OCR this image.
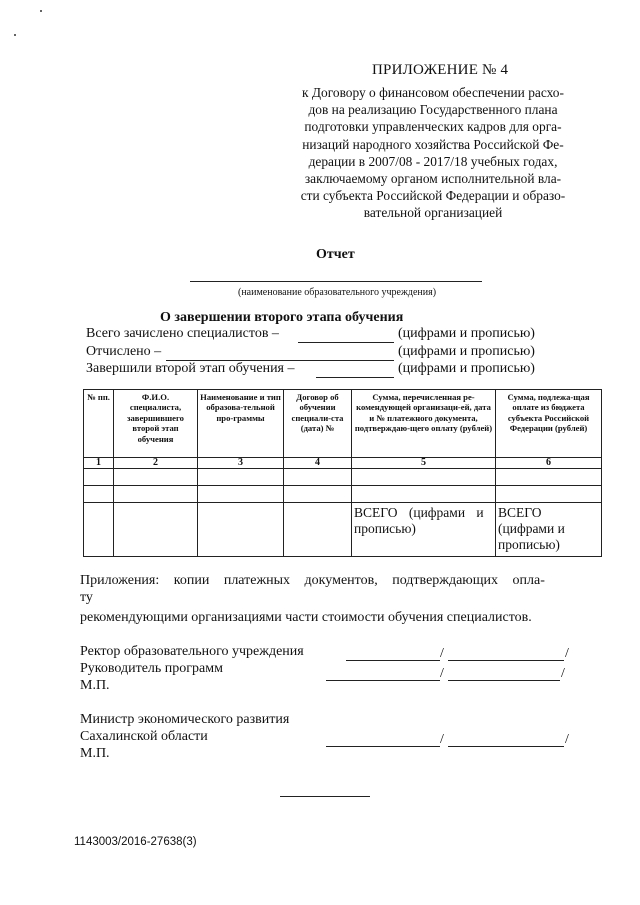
ПРИЛОЖЕНИЕ № 4
к Договору о финансовом обеспечении расхо-
дов на реализацию Государственного плана
подготовки управленческих кадров для орга-
низаций народного хозяйства Российской Фе-
дерации в 2007/08 - 2017/18 учебных годах,
заключаемому органом исполнительной вла-
сти субъекта Российской Федерации и образо-
вательной организацией
Отчет
(наименование образовательного учреждения)
О завершении второго этапа обучения
Всего зачислено специалистов –	(цифрами и прописью)
Отчислено –	(цифрами и прописью)
Завершили второй этап обучения –	(цифрами и прописью)
№ пп.	Ф.И.О. специалиста, завершившего второй этап обучения	Наименование и тип образова-тельной про-граммы	Договор об обучении специали-ста (дата) №	Сумма, перечисленная ре-комендующей организаци-ей, дата и № платежного документа, подтверждаю-щего оплату (рублей)	Сумма, подлежа-щая оплате из бюджета субъекта Российской Федерации (рублей)
1	2	3	4	5	6

				ВСЕГО (цифрами и прописью)	ВСЕГО (цифрами и прописью)
Приложения: копии платежных документов, подтверждающих опла-
ту
рекомендующими организациями части стоимости обучения специалистов.
Ректор образовательного учреждения
Руководитель программ
М.П.
/	/
/	/
Министр экономического развития
Сахалинской области
М.П.
/	/
1143003/2016-27638(3)
